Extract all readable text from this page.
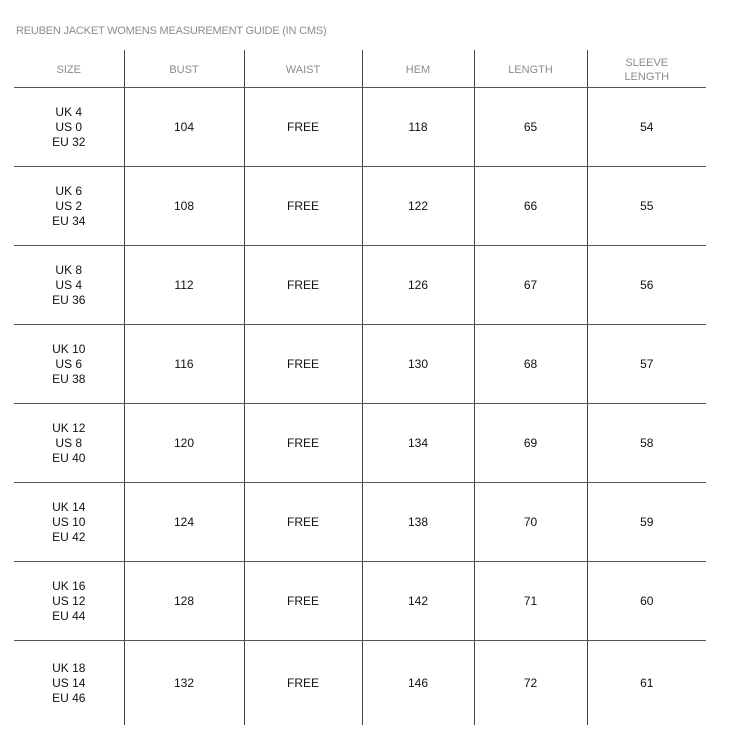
REUBEN JACKET WOMENS MEASUREMENT GUIDE (IN CMS)
SIZE	BUST	WAIST	HEM	LENGTH	SLEEVE
LENGTH

UK 4
US 0
EU 32	104	FREE	118	65	54

UK 6
US 2
EU 34	108	FREE	122	66	55

UK 8
US 4
EU 36	112	FREE	126	67	56

UK 10
US 6
EU 38	116	FREE	130	68	57

UK 12
US 8
EU 40	120	FREE	134	69	58

UK 14
US 10
EU 42	124	FREE	138	70	59

UK 16
US 12
EU 44	128	FREE	142	71	60

UK 18
US 14
EU 46	132	FREE	146	72	61
